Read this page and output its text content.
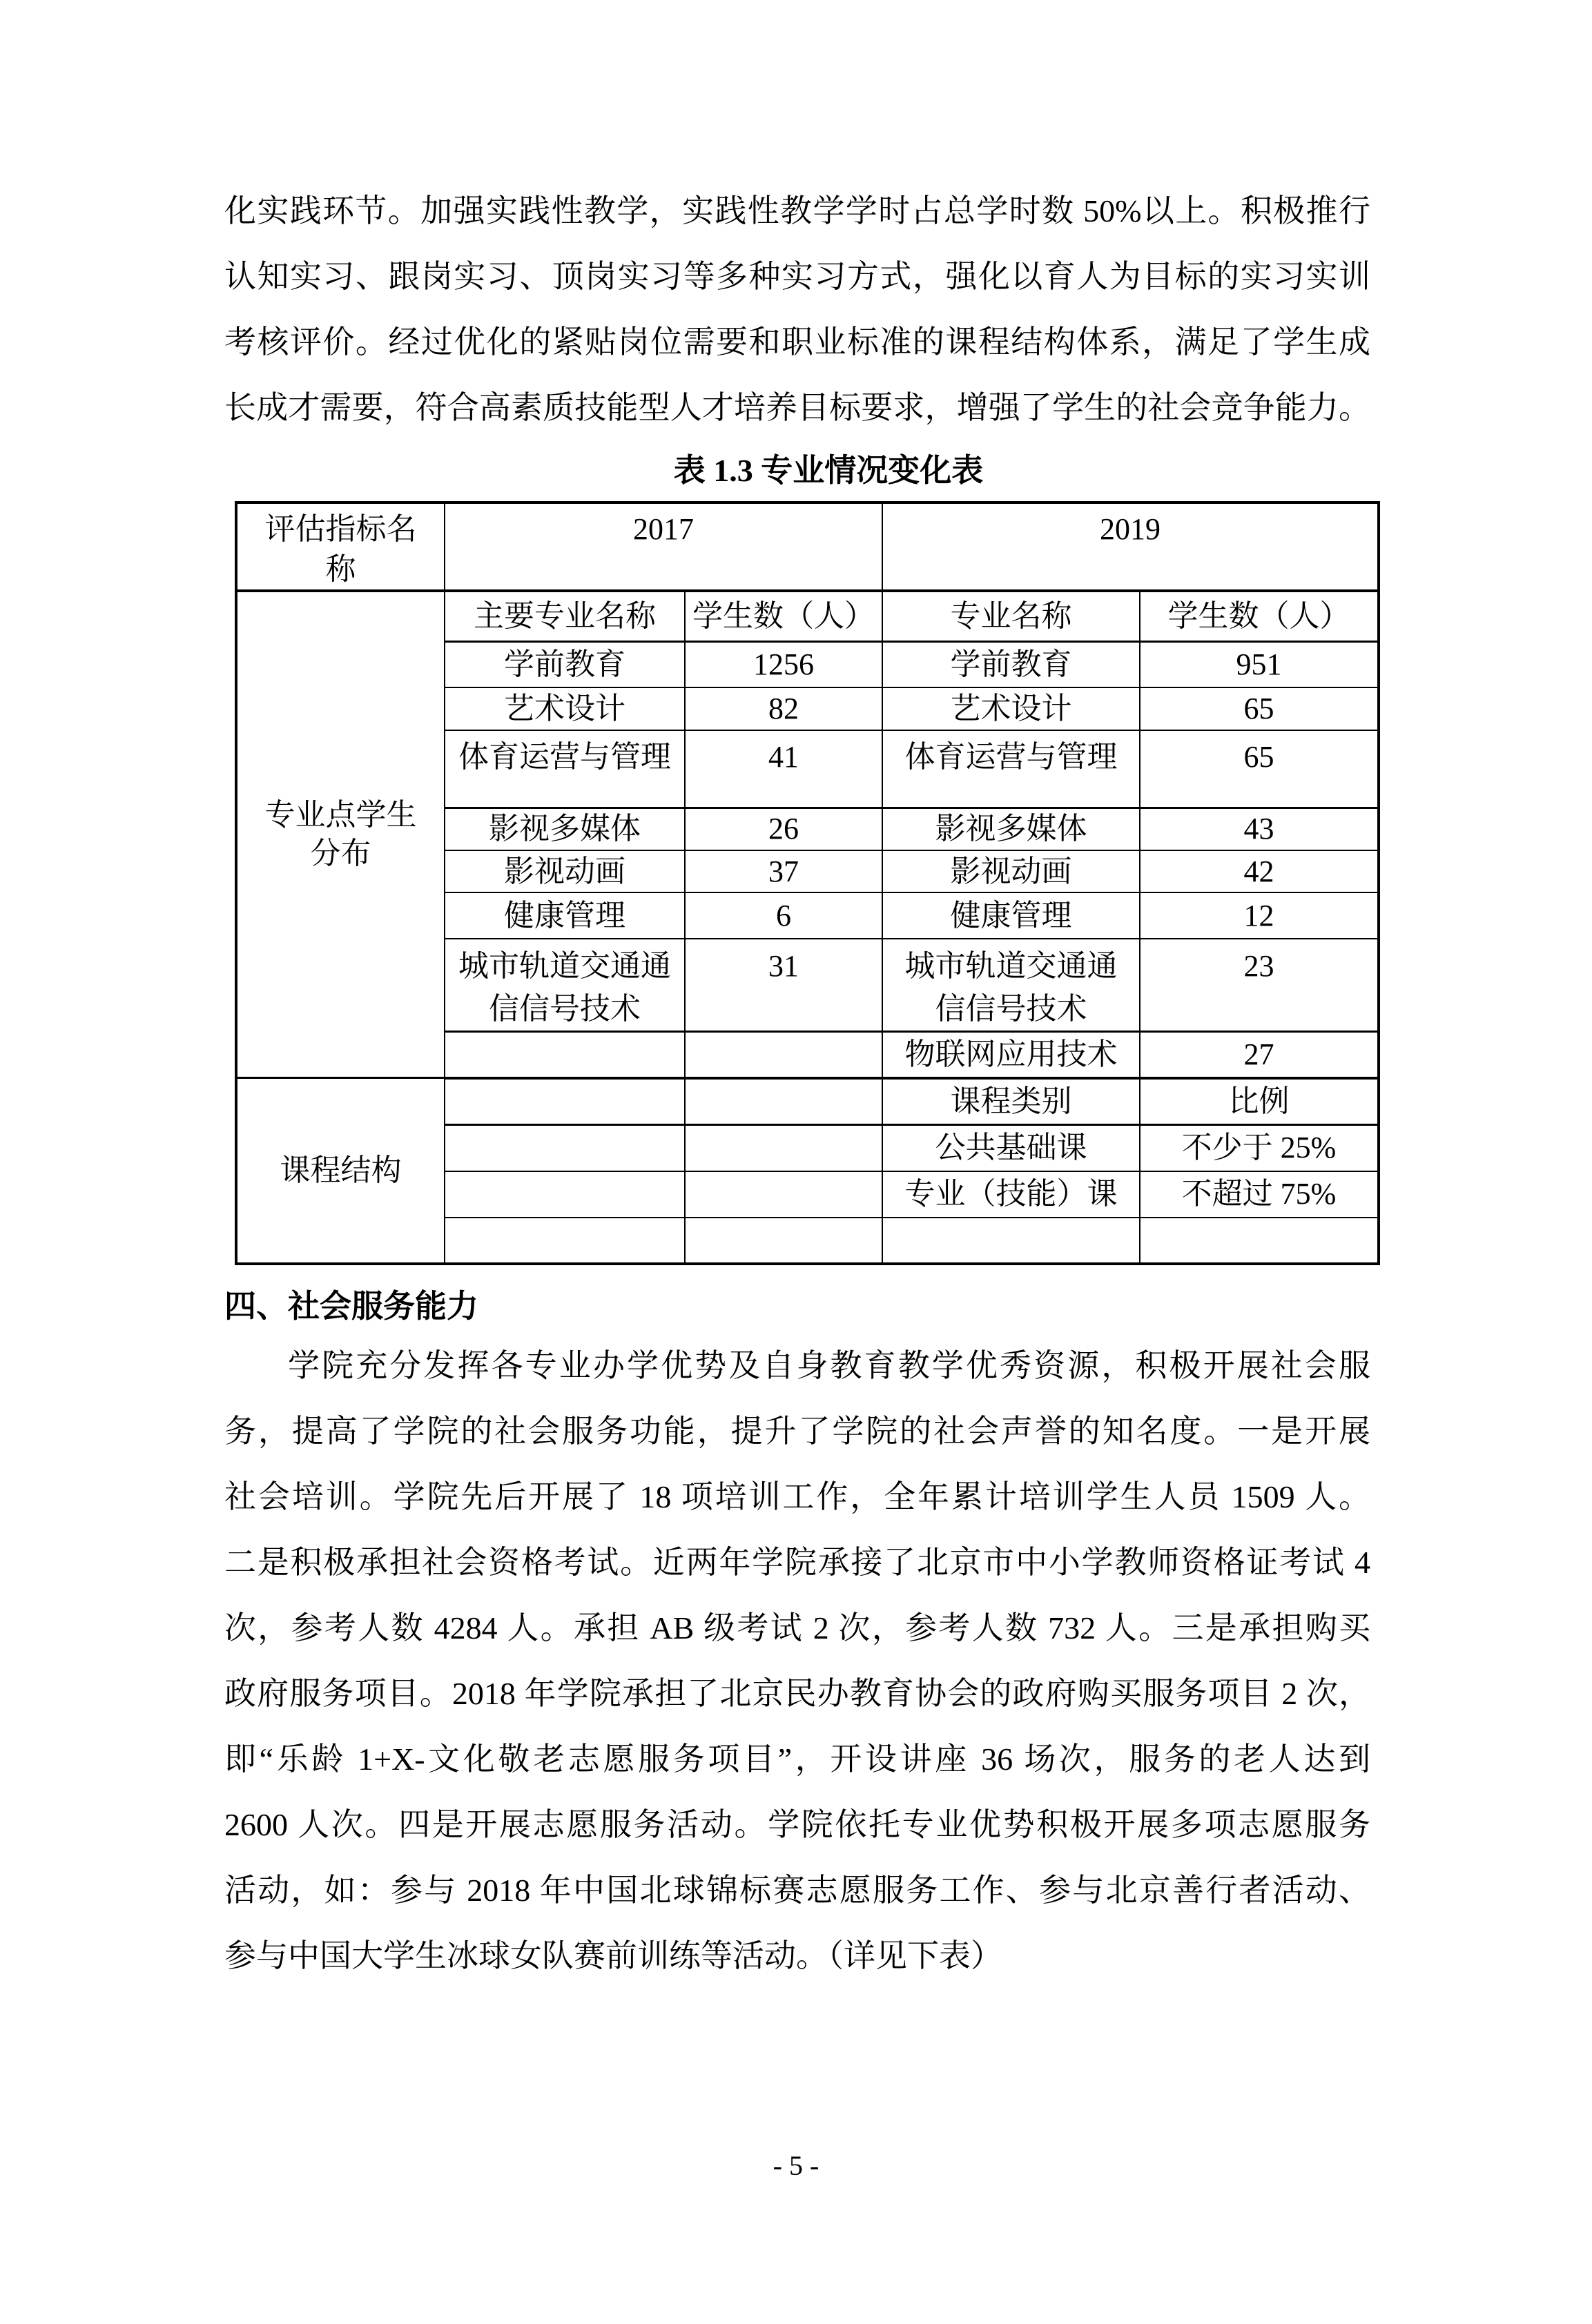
化实践环节。加强实践性教学，实践性教学学时占总学时数 50%以上。积极推行
认知实习、跟岗实习、顶岗实习等多种实习方式，强化以育人为目标的实习实训
考核评价。经过优化的紧贴岗位需要和职业标准的课程结构体系，满足了学生成
长成才需要，符合高素质技能型人才培养目标要求，增强了学生的社会竞争能力。
表 1.3 专业情况变化表
评估指标名称	2017		2019	

专业点学生分布	主要专业名称	学生数（人）	专业名称	学生数（人）
	学前教育	1256	学前教育	951
	艺术设计	82	艺术设计	65
	体育运营与管理	41	体育运营与管理	65
	影视多媒体	26	影视多媒体	43
	影视动画	37	影视动画	42
	健康管理	6	健康管理	12

	城市轨道交通通信信号技术	31	城市轨道交通通信信号技术	23
			物联网应用技术	27
课程结构			课程类别	比例
			公共基础课	不少于 25%
			专业（技能）课	不超过 75%

四、社会服务能力
学院充分发挥各专业办学优势及自身教育教学优秀资源，积极开展社会服
务，提高了学院的社会服务功能，提升了学院的社会声誉的知名度。一是开展
社会培训。学院先后开展了 18 项培训工作，全年累计培训学生人员 1509 人。
二是积极承担社会资格考试。近两年学院承接了北京市中小学教师资格证考试 4
次，参考人数 4284 人。承担 AB 级考试 2 次，参考人数 732 人。三是承担购买
政府服务项目。2018 年学院承担了北京民办教育协会的政府购买服务项目 2 次，
即“乐龄 1+X-文化敬老志愿服务项目”，开设讲座 36 场次，服务的老人达到
2600 人次。四是开展志愿服务活动。学院依托专业优势积极开展多项志愿服务
活动，如：参与 2018 年中国北球锦标赛志愿服务工作、参与北京善行者活动、
参与中国大学生冰球女队赛前训练等活动。（详见下表）
- 5 -
